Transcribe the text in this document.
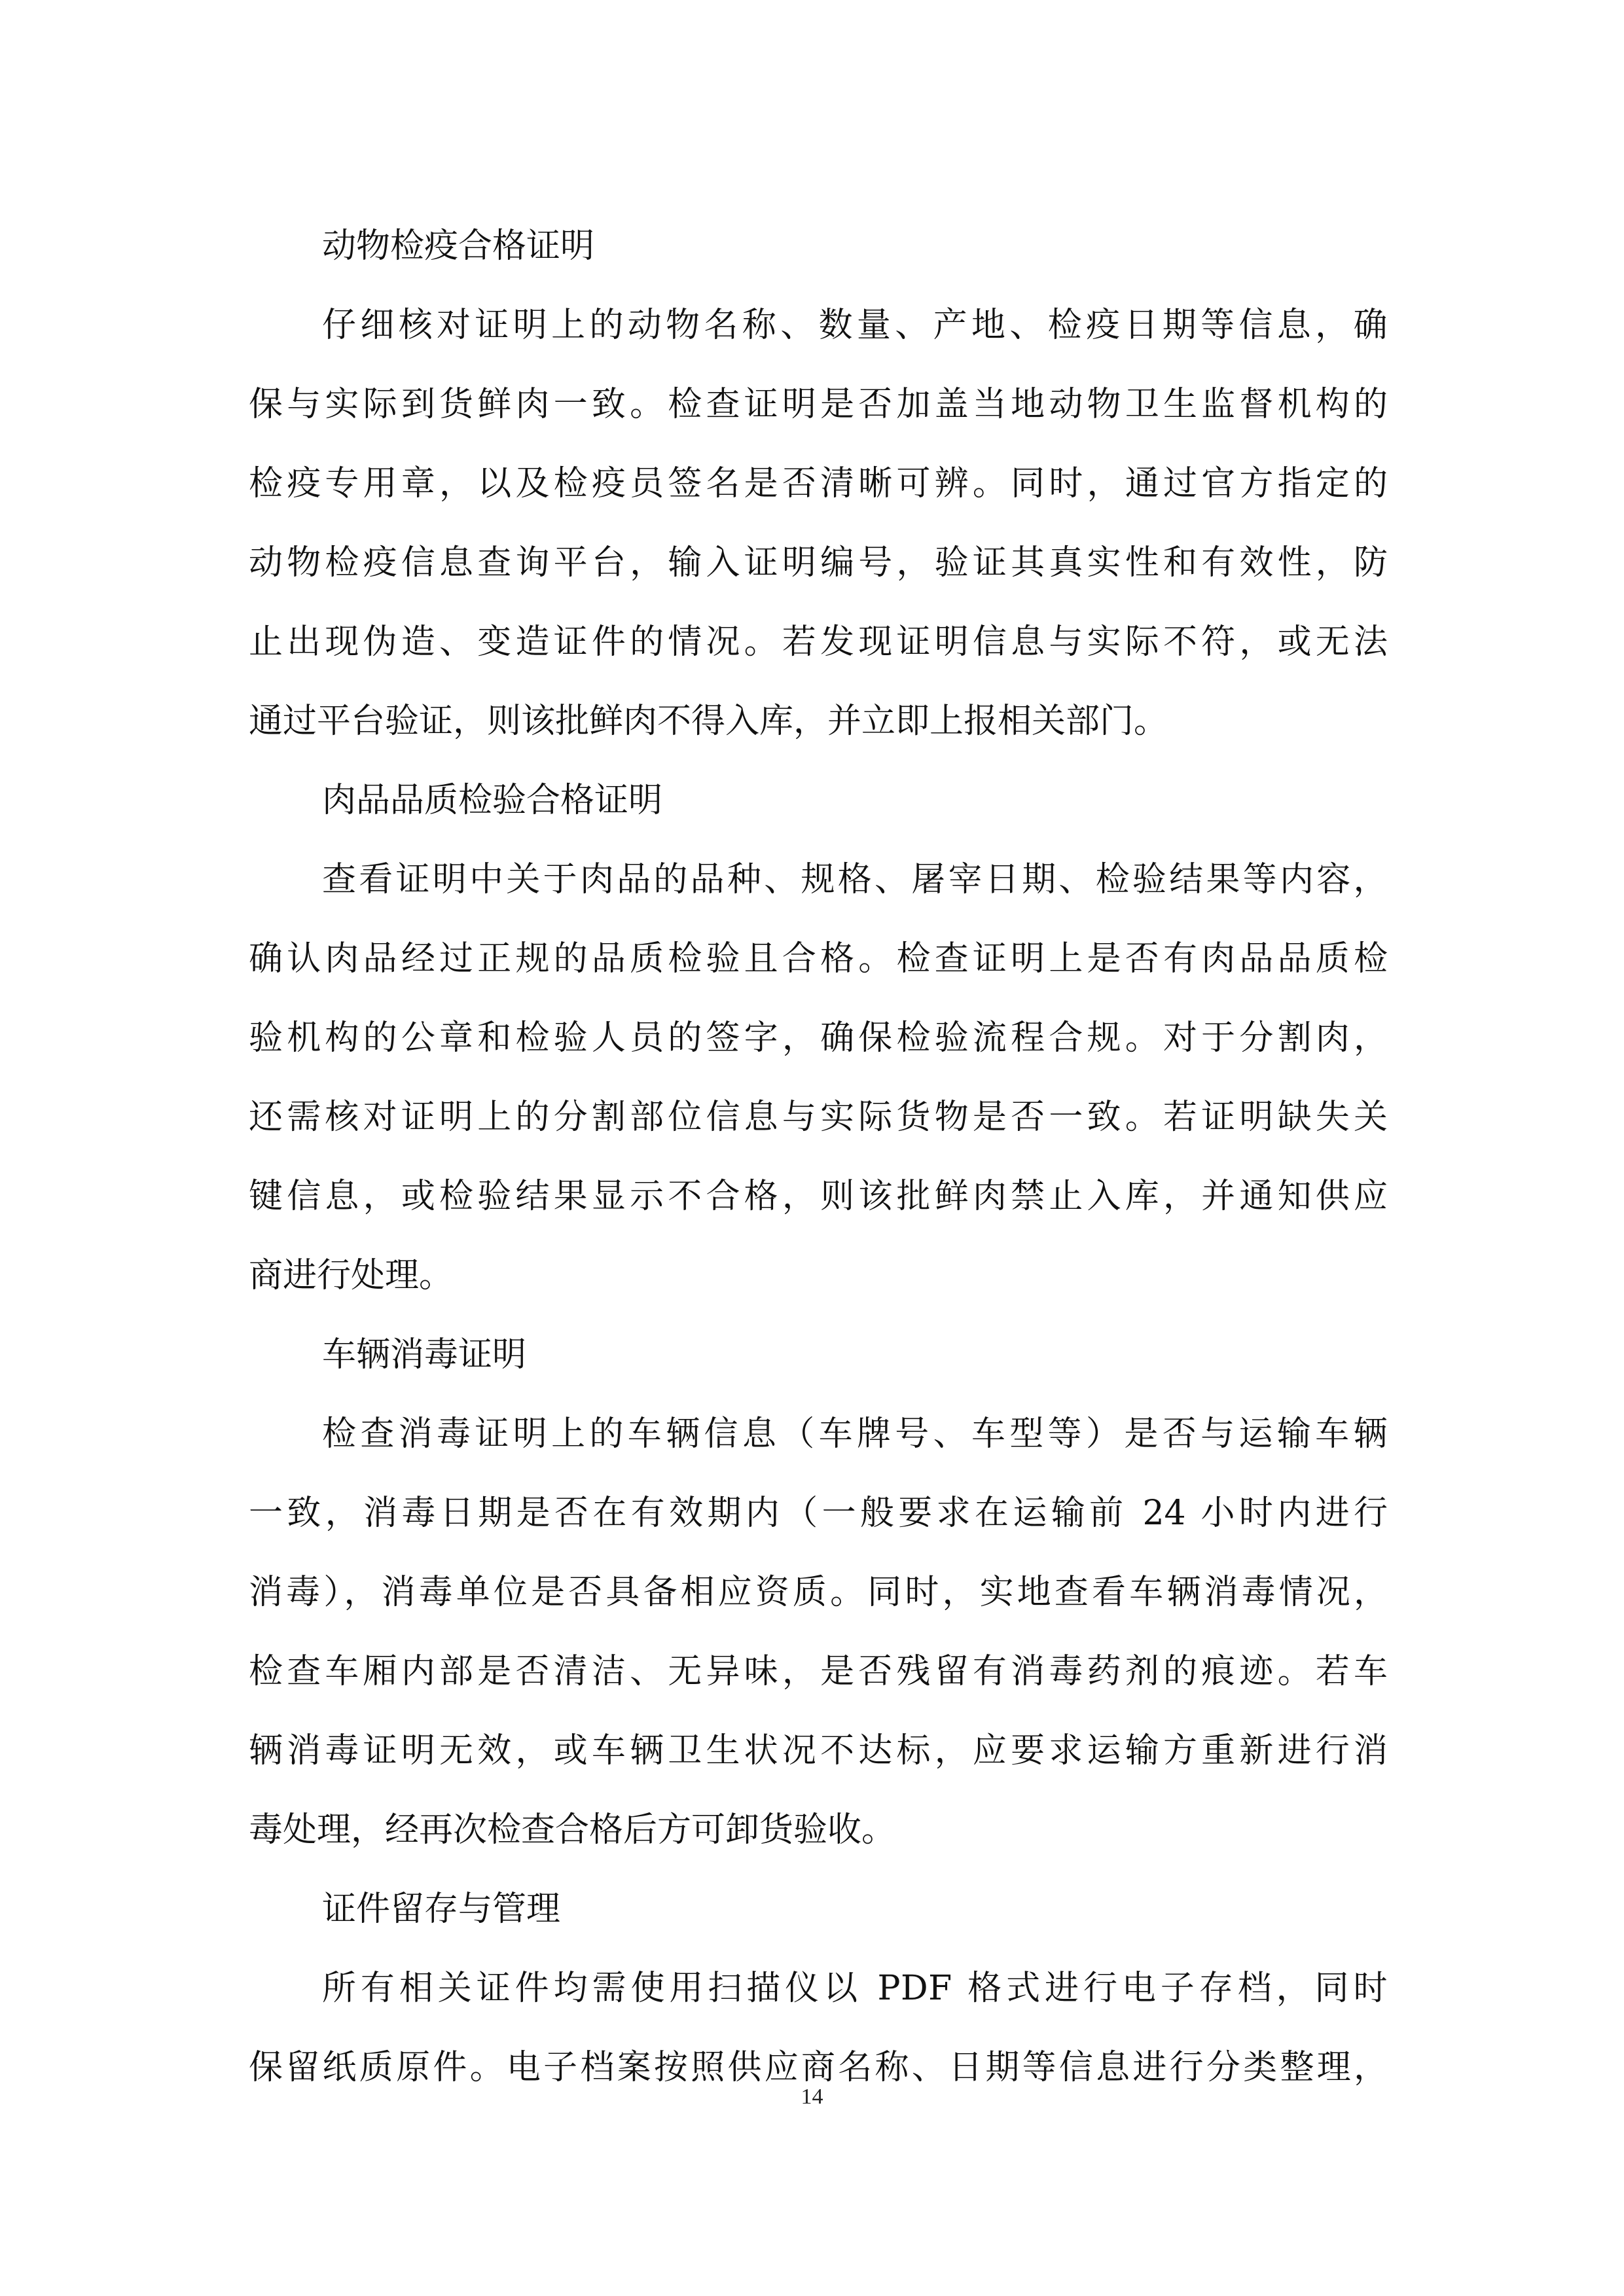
动物检疫合格证明
仔细核对证明上的动物名称、数量、产地、检疫日期等信息，确
保与实际到货鲜肉一致。检查证明是否加盖当地动物卫生监督机构的
检疫专用章，以及检疫员签名是否清晰可辨。同时，通过官方指定的
动物检疫信息查询平台，输入证明编号，验证其真实性和有效性，防
止出现伪造、变造证件的情况。若发现证明信息与实际不符，或无法
通过平台验证，则该批鲜肉不得入库，并立即上报相关部门。
肉品品质检验合格证明
查看证明中关于肉品的品种、规格、屠宰日期、检验结果等内容，
确认肉品经过正规的品质检验且合格。检查证明上是否有肉品品质检
验机构的公章和检验人员的签字，确保检验流程合规。对于分割肉，
还需核对证明上的分割部位信息与实际货物是否一致。若证明缺失关
键信息，或检验结果显示不合格，则该批鲜肉禁止入库，并通知供应
商进行处理。
车辆消毒证明
检查消毒证明上的车辆信息（车牌号、车型等）是否与运输车辆
一致，消毒日期是否在有效期内（一般要求在运输前 24 小时内进行
消毒），消毒单位是否具备相应资质。同时，实地查看车辆消毒情况，
检查车厢内部是否清洁、无异味，是否残留有消毒药剂的痕迹。若车
辆消毒证明无效，或车辆卫生状况不达标，应要求运输方重新进行消
毒处理，经再次检查合格后方可卸货验收。
证件留存与管理
所有相关证件均需使用扫描仪以 PDF 格式进行电子存档，同时
保留纸质原件。电子档案按照供应商名称、日期等信息进行分类整理，
14
